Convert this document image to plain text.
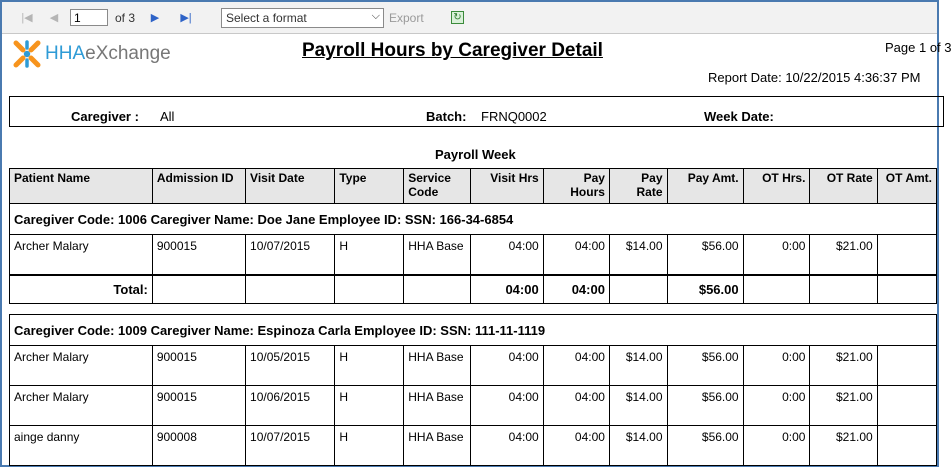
|◀	◀
1	of 3	▶	▶|	Select a format	⌵ Export	↻
HHAeXchange	Payroll Hours by Caregiver Detail	Page 1 of 3
Report Date: 10/22/2015 4:36:37 PM
Caregiver : All	Batch: FRNQ0002	Week Date:
Payroll Week
Patient Name	Admission ID	Visit Date	Type	Service Code	Visit Hrs	Pay Hours	Pay Rate	Pay Amt.	OT Hrs.	OT Rate	OT Amt.
Caregiver Code: 1006 Caregiver Name: Doe Jane Employee ID: SSN: 166-34-6854											
Archer Malary	900015	10/07/2015	H	HHA Base	04:00	04:00	$14.00	$56.00	0:00	$21.00	
Total:					04:00	04:00		$56.00			

Caregiver Code: 1009 Caregiver Name: Espinoza Carla Employee ID: SSN: 111-11-1119											
Archer Malary	900015	10/05/2015	H	HHA Base	04:00	04:00	$14.00	$56.00	0:00	$21.00	
Archer Malary	900015	10/06/2015	H	HHA Base	04:00	04:00	$14.00	$56.00	0:00	$21.00	
ainge danny	900008	10/07/2015	H	HHA Base	04:00	04:00	$14.00	$56.00	0:00	$21.00	
